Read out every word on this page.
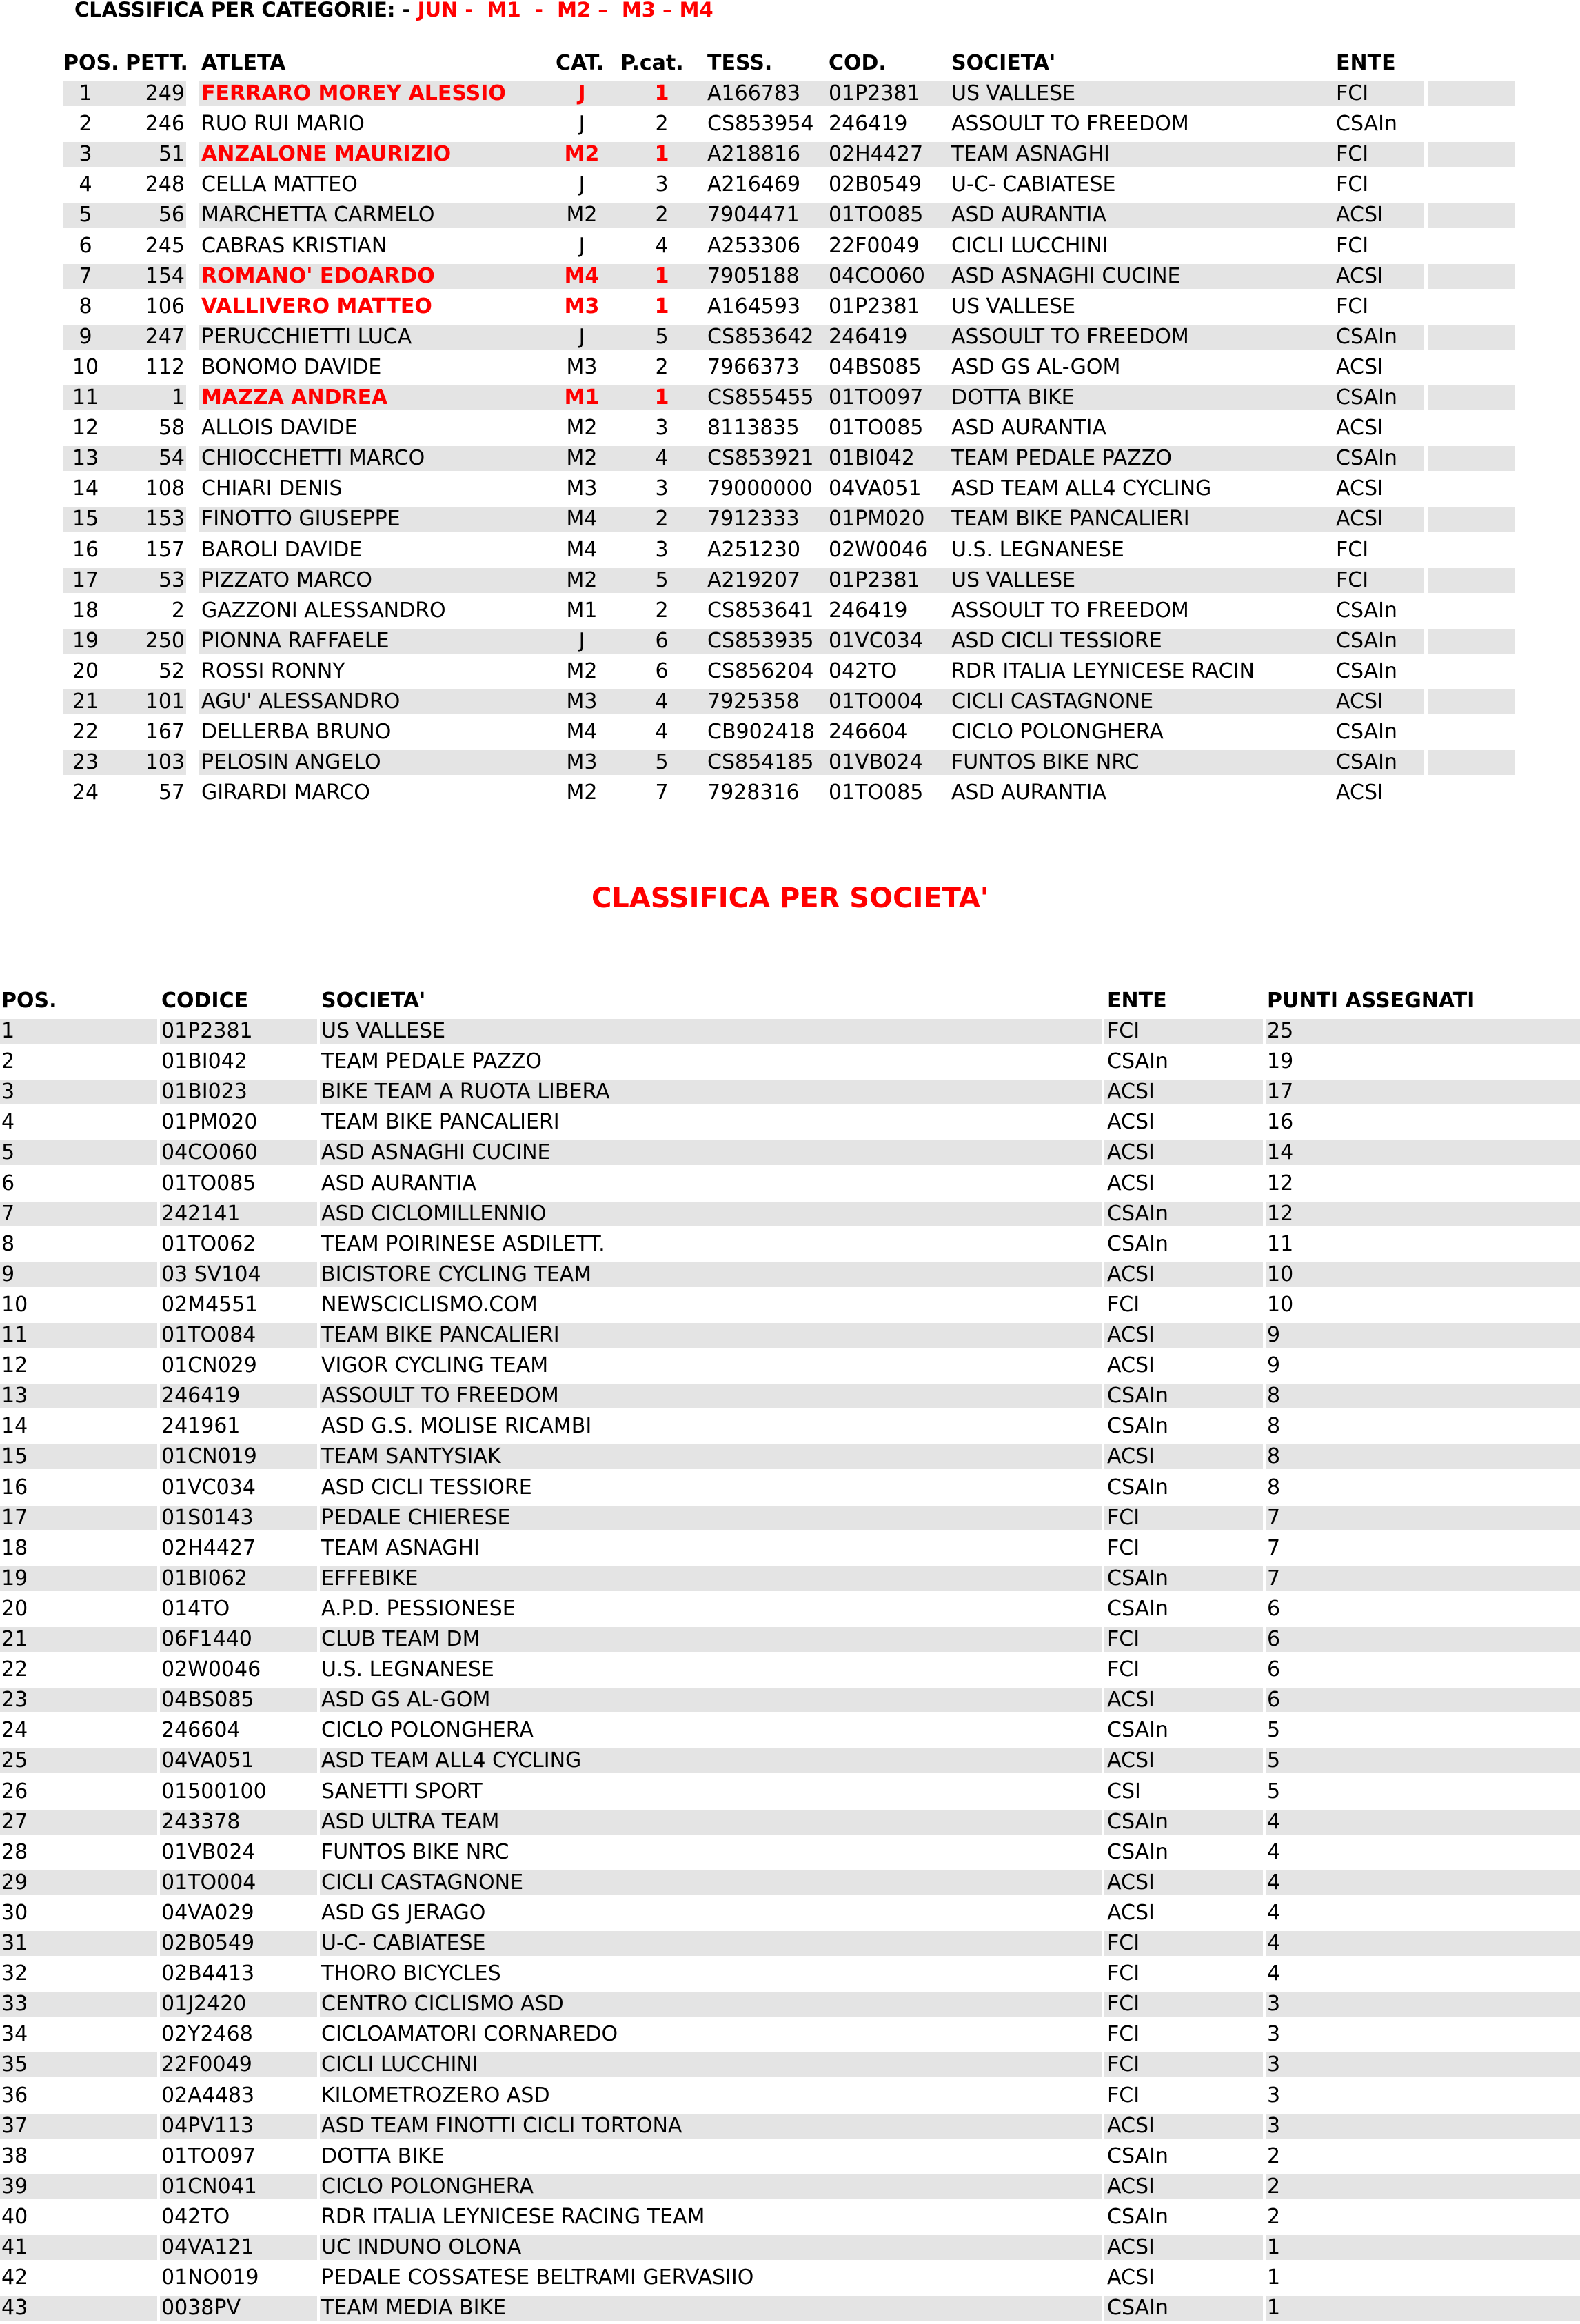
CLASSIFICA PER CATEGORIE: - JUN -  M1  -  M2 –  M3 – M4
POS. PETT. ATLETA	CAT. P.cat. TESS.	COD.	SOCIETA'	ENTE
1	249 FERRARO MOREY ALESSIO	J	1	A166783	01P2381	US VALLESE	FCI
2	246 RUO RUI MARIO	J	2	CS853954 246419	ASSOULT TO FREEDOM	CSAIn
3	51 ANZALONE MAURIZIO	M2	1	A218816	02H4427	TEAM ASNAGHI	FCI
4	248 CELLA MATTEO	J	3	A216469	02B0549	U-C- CABIATESE	FCI
5	56 MARCHETTA CARMELO	M2	2	7904471	01TO085	ASD AURANTIA	ACSI
6	245 CABRAS KRISTIAN	J	4	A253306	22F0049	CICLI LUCCHINI	FCI
7	154 ROMANO' EDOARDO	M4	1	7905188	04CO060	ASD ASNAGHI CUCINE	ACSI
8	106 VALLIVERO MATTEO	M3	1	A164593	01P2381	US VALLESE	FCI
9	247 PERUCCHIETTI LUCA	J	5	CS853642 246419	ASSOULT TO FREEDOM	CSAIn
10	112 BONOMO DAVIDE	M3	2	7966373	04BS085	ASD GS AL-GOM	ACSI
11	1 MAZZA ANDREA	M1	1	CS855455 01TO097	DOTTA BIKE	CSAIn
12	58 ALLOIS DAVIDE	M2	3	8113835	01TO085	ASD AURANTIA	ACSI
13	54 CHIOCCHETTI MARCO	M2	4	CS853921 01BI042	TEAM PEDALE PAZZO	CSAIn
14	108 CHIARI DENIS	M3	3	79000000 04VA051	ASD TEAM ALL4 CYCLING	ACSI
15	153 FINOTTO GIUSEPPE	M4	2	7912333	01PM020	TEAM BIKE PANCALIERI	ACSI
16	157 BAROLI DAVIDE	M4	3	A251230	02W0046	U.S. LEGNANESE	FCI
17	53 PIZZATO MARCO	M2	5	A219207	01P2381	US VALLESE	FCI
18	2 GAZZONI ALESSANDRO	M1	2	CS853641 246419	ASSOULT TO FREEDOM	CSAIn
19	250 PIONNA RAFFAELE	J	6	CS853935 01VC034	ASD CICLI TESSIORE	CSAIn
20	52 ROSSI RONNY	M2	6	CS856204 042TO	RDR ITALIA LEYNICESE RACIN	CSAIn
21	101 AGU' ALESSANDRO	M3	4	7925358	01TO004	CICLI CASTAGNONE	ACSI
22	167 DELLERBA BRUNO	M4	4	CB902418 246604	CICLO POLONGHERA	CSAIn
23	103 PELOSIN ANGELO	M3	5	CS854185 01VB024	FUNTOS BIKE NRC	CSAIn
24	57 GIRARDI MARCO	M2	7	7928316	01TO085	ASD AURANTIA	ACSI
CLASSIFICA PER SOCIETA'
POS.	CODICE	SOCIETA'	ENTE	PUNTI ASSEGNATI
1	01P2381	US VALLESE	FCI	25
2	01BI042	TEAM PEDALE PAZZO	CSAIn	19
3	01BI023	BIKE TEAM A RUOTA LIBERA	ACSI	17
4	01PM020	TEAM BIKE PANCALIERI	ACSI	16
5	04CO060	ASD ASNAGHI CUCINE	ACSI	14
6	01TO085	ASD AURANTIA	ACSI	12
7	242141	ASD CICLOMILLENNIO	CSAIn	12
8	01TO062	TEAM POIRINESE ASDILETT.	CSAIn	11
9	03 SV104	BICISTORE CYCLING TEAM	ACSI	10
10	02M4551	NEWSCICLISMO.COM	FCI	10
11	01TO084	TEAM BIKE PANCALIERI	ACSI	9
12	01CN029	VIGOR CYCLING TEAM	ACSI	9
13	246419	ASSOULT TO FREEDOM	CSAIn	8
14	241961	ASD G.S. MOLISE RICAMBI	CSAIn	8
15	01CN019	TEAM SANTYSIAK	ACSI	8
16	01VC034	ASD CICLI TESSIORE	CSAIn	8
17	01S0143	PEDALE CHIERESE	FCI	7
18	02H4427	TEAM ASNAGHI	FCI	7
19	01BI062	EFFEBIKE	CSAIn	7
20	014TO	A.P.D. PESSIONESE	CSAIn	6
21	06F1440	CLUB TEAM DM	FCI	6
22	02W0046	U.S. LEGNANESE	FCI	6
23	04BS085	ASD GS AL-GOM	ACSI	6
24	246604	CICLO POLONGHERA	CSAIn	5
25	04VA051	ASD TEAM ALL4 CYCLING	ACSI	5
26	01500100	SANETTI SPORT	CSI	5
27	243378	ASD ULTRA TEAM	CSAIn	4
28	01VB024	FUNTOS BIKE NRC	CSAIn	4
29	01TO004	CICLI CASTAGNONE	ACSI	4
30	04VA029	ASD GS JERAGO	ACSI	4
31	02B0549	U-C- CABIATESE	FCI	4
32	02B4413	THORO BICYCLES	FCI	4
33	01J2420	CENTRO CICLISMO ASD	FCI	3
34	02Y2468	CICLOAMATORI CORNAREDO	FCI	3
35	22F0049	CICLI LUCCHINI	FCI	3
36	02A4483	KILOMETROZERO ASD	FCI	3
37	04PV113	ASD TEAM FINOTTI CICLI TORTONA	ACSI	3
38	01TO097	DOTTA BIKE	CSAIn	2
39	01CN041	CICLO POLONGHERA	ACSI	2
40	042TO	RDR ITALIA LEYNICESE RACING TEAM	CSAIn	2
41	04VA121	UC INDUNO OLONA	ACSI	1
42	01NO019	PEDALE COSSATESE BELTRAMI GERVASIIO	ACSI	1
43	0038PV	TEAM MEDIA BIKE	CSAIn	1
